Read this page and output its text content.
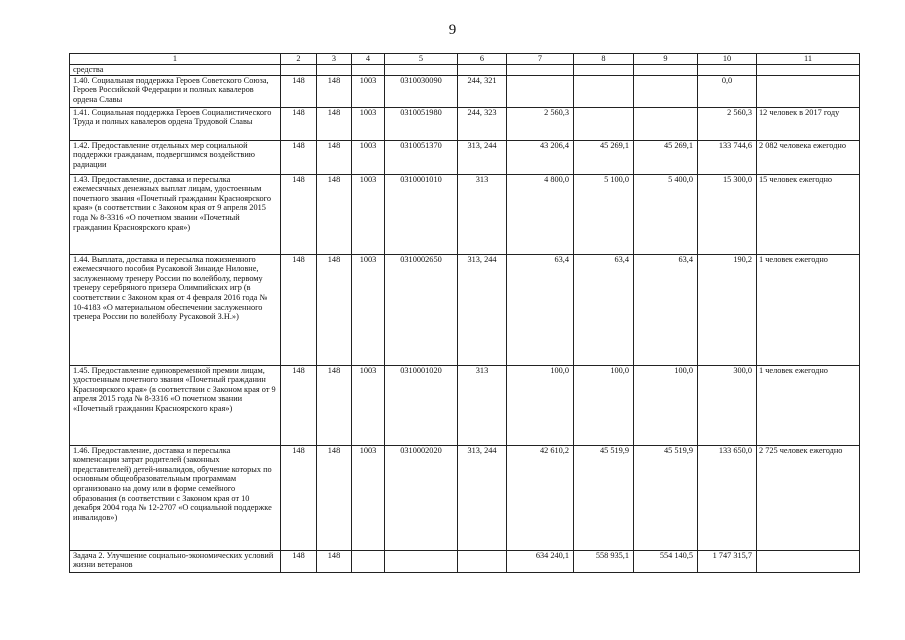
9
1	2	3	4	5	6	7	8	9	10	11
средства										
1.40. Социальная поддержка Героев Советского Союза, Героев Российской Федерации и полных кавалеров ордена Славы	148	148	1003	0310030090	244, 321				0,0	
1.41. Социальная поддержка Героев Социалистического Труда и полных кавалеров ордена Трудовой Славы	148	148	1003	0310051980	244, 323	2 560,3			2 560,3	12 человек в 2017 году
1.42. Предоставление отдельных мер социальной поддержки гражданам, подвергшимся воздействию радиации	148	148	1003	0310051370	313, 244	43 206,4	45 269,1	45 269,1	133 744,6	2 082 человека ежегодно
1.43. Предоставление, доставка и пересылка ежемесячных денежных выплат лицам, удостоенным почетного звания «Почетный гражданин Красноярского края» (в соответствии с Законом края от 9 апреля 2015 года № 8-3316 «О почетном звании «Почетный гражданин Красноярского края»)	148	148	1003	0310001010	313	4 800,0	5 100,0	5 400,0	15 300,0	15 человек ежегодно
1.44. Выплата, доставка и пересылка пожизненного ежемесячного пособия Русаковой Зинаиде Ниловне, заслуженному тренеру России по волейболу, первому тренеру серебряного призера Олимпийских игр (в соответствии с Законом края от 4 февраля 2016 года № 10-4183 «О материальном обеспечении заслуженного тренера России по волейболу Русаковой З.Н.»)	148	148	1003	0310002650	313, 244	63,4	63,4	63,4	190,2	1 человек ежегодно
1.45. Предоставление единовременной премии лицам, удостоенным почетного звания «Почетный гражданин Красноярского края» (в соответствии с Законом края от 9 апреля 2015 года № 8-3316 «О почетном звании «Почетный гражданин Красноярского края»)	148	148	1003	0310001020	313	100,0	100,0	100,0	300,0	1 человек ежегодно
1.46. Предоставление, доставка и пересылка компенсации затрат родителей (законных представителей) детей-инвалидов, обучение которых по основным общеобразовательным программам организовано на дому или в форме семейного образования (в соответствии с Законом края от 10 декабря 2004 года № 12-2707 «О социальной поддержке инвалидов»)	148	148	1003	0310002020	313, 244	42 610,2	45 519,9	45 519,9	133 650,0	2 725 человек ежегодно
Задача 2. Улучшение социально-экономических условий жизни ветеранов	148	148				634 240,1	558 935,1	554 140,5	1 747 315,7	
